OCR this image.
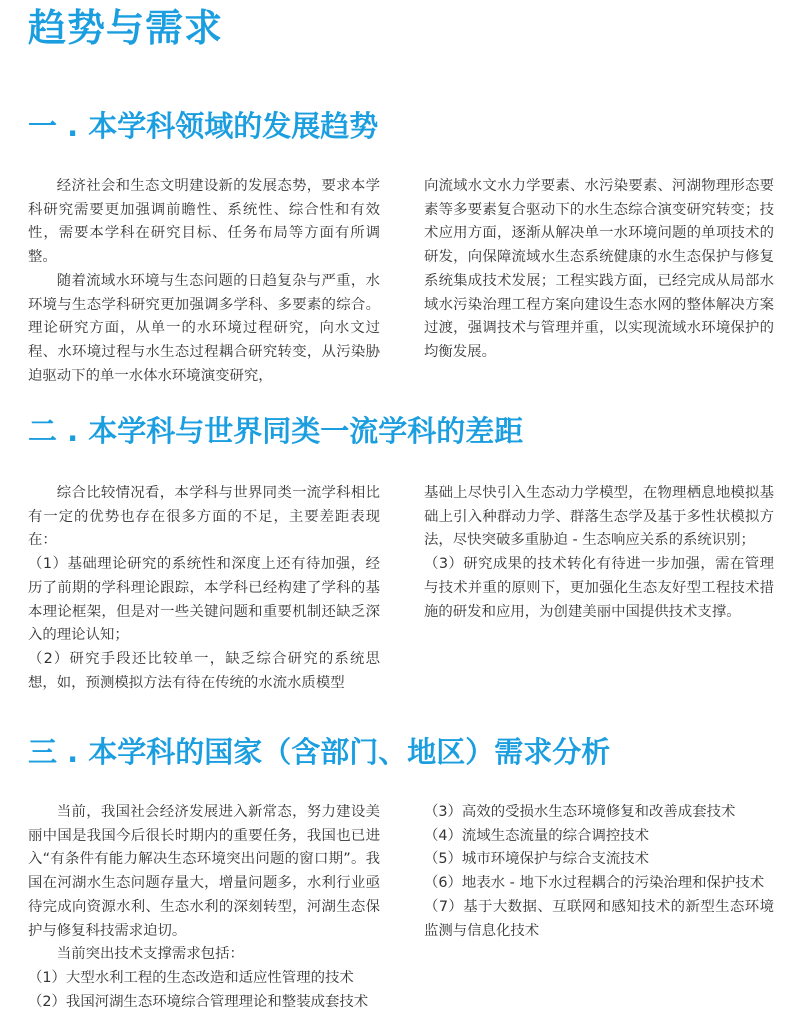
趋势与需求
一 . 本学科领域的发展趋势

经济社会和生态文明建设新的发展态势，要求本学科研究需要更加强调前瞻性、系统性、综合性和有效性，需要本学科在研究目标、任务布局等方面有所调整。

随着流域水环境与生态问题的日趋复杂与严重，水环境与生态学科研究更加强调多学科、多要素的综合。理论研究方面，从单一的水环境过程研究，向水文过程、水环境过程与水生态过程耦合研究转变，从污染胁迫驱动下的单一水体水环境演变研究，

向流域水文水力学要素、水污染要素、河湖物理形态要素等多要素复合驱动下的水生态综合演变研究转变；技术应用方面，逐渐从解决单一水环境问题的单项技术的研发，向保障流域水生态系统健康的水生态保护与修复系统集成技术发展；工程实践方面，已经完成从局部水域水污染治理工程方案向建设生态水网的整体解决方案过渡，强调技术与管理并重，以实现流域水环境保护的均衡发展。

二 . 本学科与世界同类一流学科的差距

综合比较情况看，本学科与世界同类一流学科相比有一定的优势也存在很多方面的不足，主要差距表现在：

（1）基础理论研究的系统性和深度上还有待加强，经历了前期的学科理论跟踪，本学科已经构建了学科的基本理论框架，但是对一些关键问题和重要机制还缺乏深入的理论认知；

（2）研究手段还比较单一，缺乏综合研究的系统思想，如，预测模拟方法有待在传统的水流水质模型

基础上尽快引入生态动力学模型，在物理栖息地模拟基础上引入种群动力学、群落生态学及基于多性状模拟方法，尽快突破多重胁迫 - 生态响应关系的系统识别；

（3）研究成果的技术转化有待进一步加强，需在管理与技术并重的原则下，更加强化生态友好型工程技术措施的研发和应用，为创建美丽中国提供技术支撑。

三 . 本学科的国家（含部门、地区）需求分析

当前，我国社会经济发展进入新常态，努力建设美丽中国是我国今后很长时期内的重要任务，我国也已进入“有条件有能力解决生态环境突出问题的窗口期”。我国在河湖水生态问题存量大，增量问题多，水利行业亟待完成向资源水利、生态水利的深刻转型，河湖生态保护与修复科技需求迫切。

当前突出技术支撑需求包括：

（1）大型水利工程的生态改造和适应性管理的技术

（2）我国河湖生态环境综合管理理论和整装成套技术

（3）高效的受损水生态环境修复和改善成套技术

（4）流域生态流量的综合调控技术

（5）城市环境保护与综合支流技术

（6）地表水 - 地下水过程耦合的污染治理和保护技术

（7）基于大数据、互联网和感知技术的新型生态环境监测与信息化技术
